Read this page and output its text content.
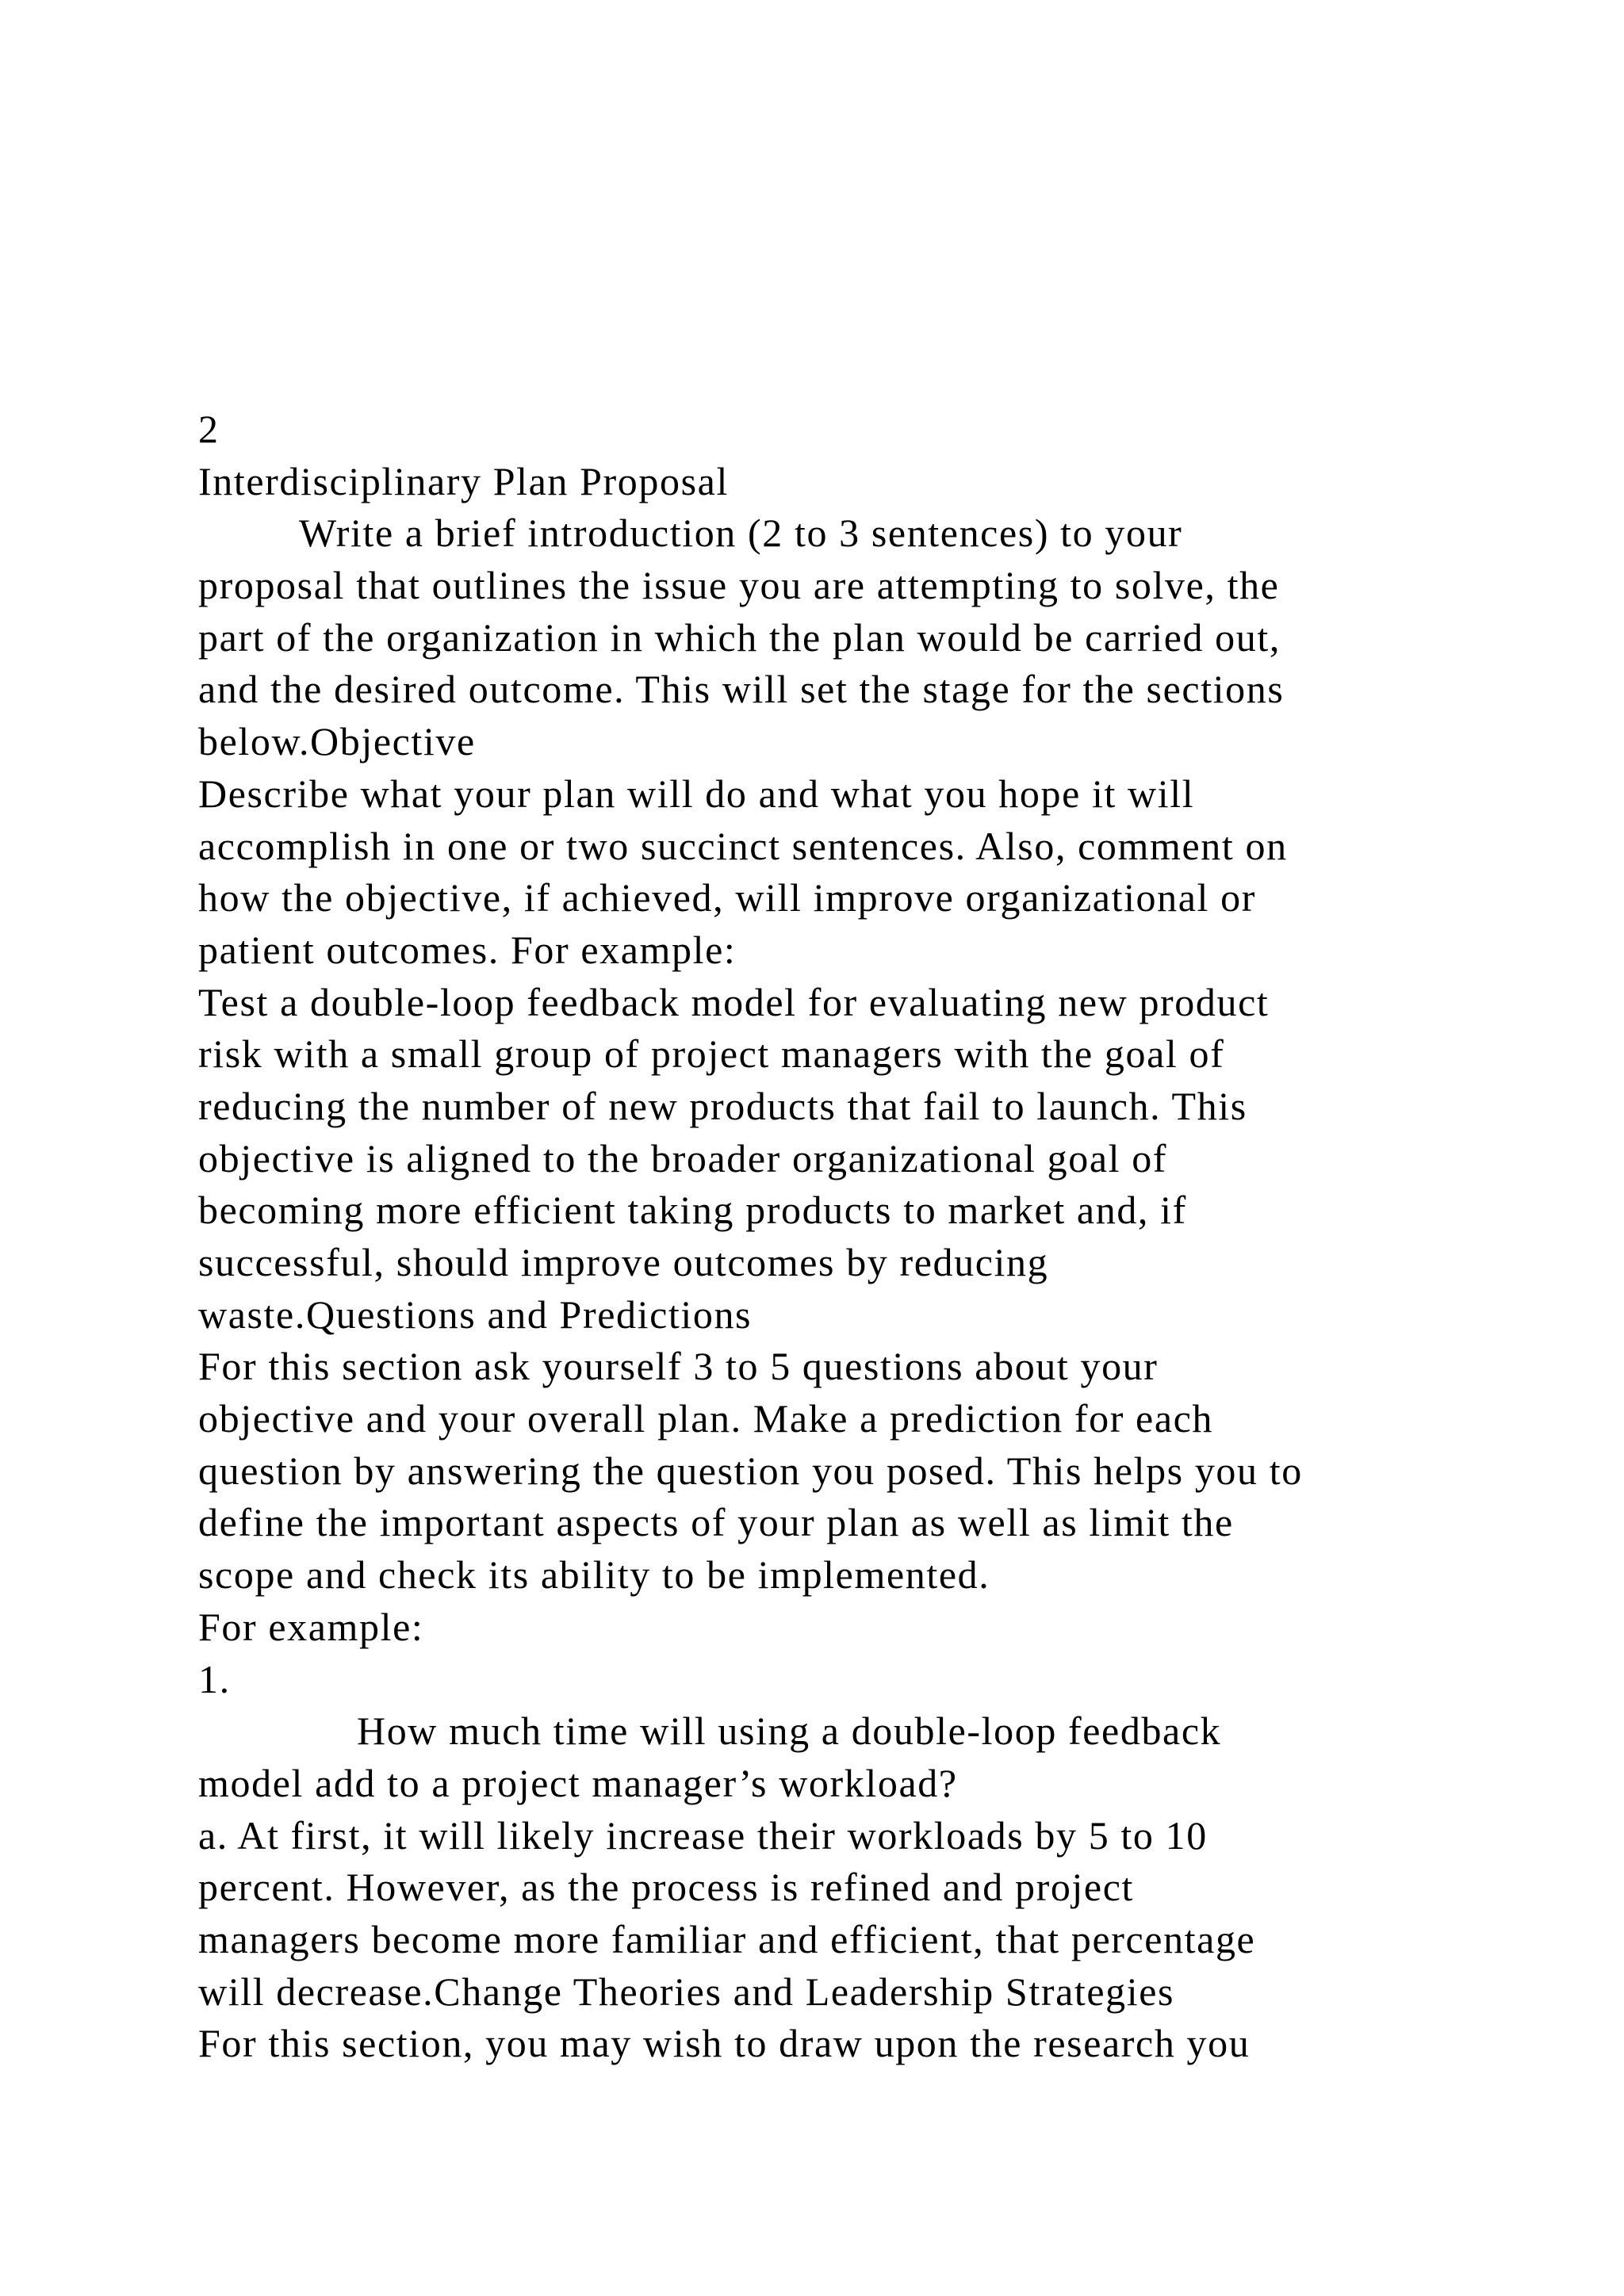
2
Interdisciplinary Plan Proposal
Write a brief introduction (2 to 3 sentences) to your
proposal that outlines the issue you are attempting to solve, the
part of the organization in which the plan would be carried out,
and the desired outcome. This will set the stage for the sections
below.Objective
Describe what your plan will do and what you hope it will
accomplish in one or two succinct sentences. Also, comment on
how the objective, if achieved, will improve organizational or
patient outcomes. For example:
Test a double-loop feedback model for evaluating new product
risk with a small group of project managers with the goal of
reducing the number of new products that fail to launch. This
objective is aligned to the broader organizational goal of
becoming more efficient taking products to market and, if
successful, should improve outcomes by reducing
waste.Questions and Predictions
For this section ask yourself 3 to 5 questions about your
objective and your overall plan. Make a prediction for each
question by answering the question you posed. This helps you to
define the important aspects of your plan as well as limit the
scope and check its ability to be implemented.
For example:
1.
How much time will using a double-loop feedback
model add to a project manager’s workload?
a. At first, it will likely increase their workloads by 5 to 10
percent. However, as the process is refined and project
managers become more familiar and efficient, that percentage
will decrease.Change Theories and Leadership Strategies
For this section, you may wish to draw upon the research you
